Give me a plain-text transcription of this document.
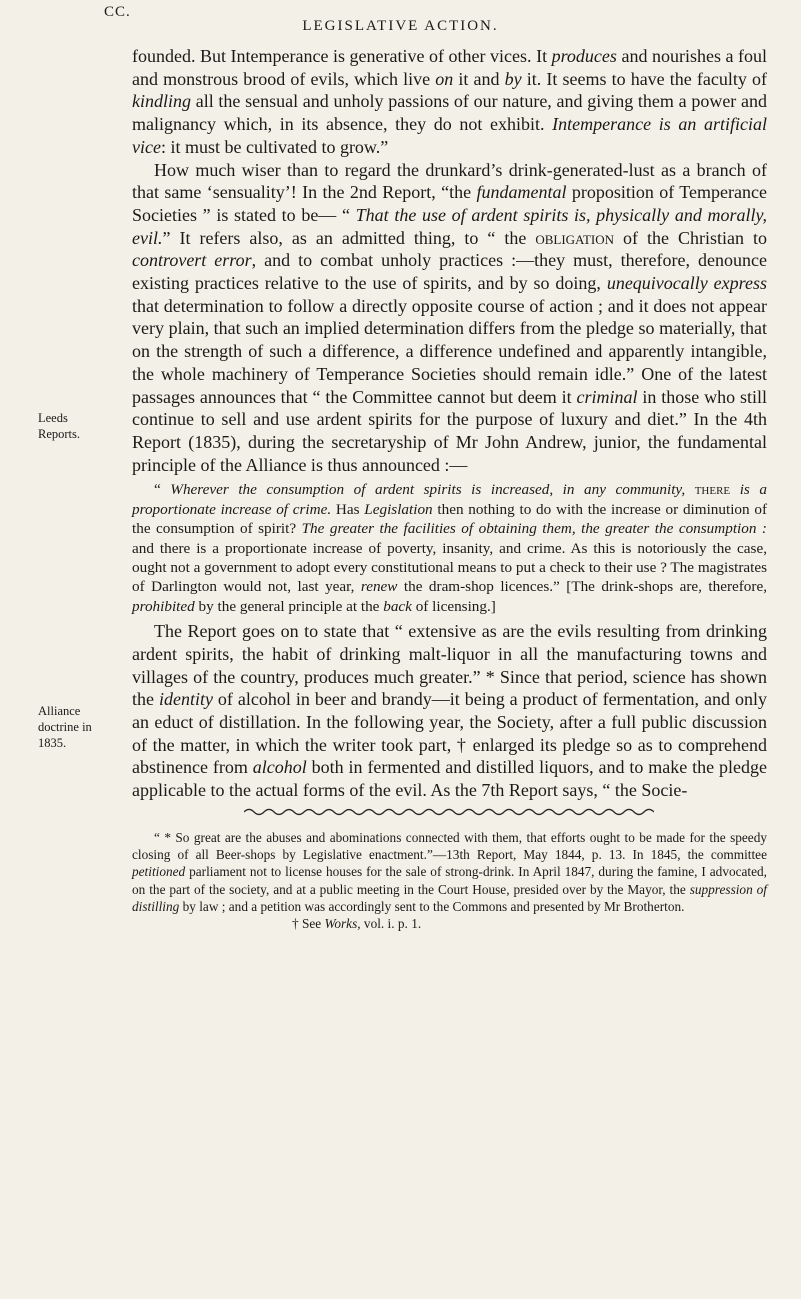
CC.
LEGISLATIVE ACTION.
Leeds Reports.
Alliance doctrine in 1835.

founded. But Intemperance is generative of other vices. It produces and nourishes a foul and monstrous brood of evils, which live on it and by it. It seems to have the faculty of kindling all the sensual and unholy passions of our nature, and giving them a power and malignancy which, in its absence, they do not exhibit. Intemperance is an artificial vice: it must be cultivated to grow.”

How much wiser than to regard the drunkard’s drink-generated-lust as a branch of that same ‘sensuality’! In the 2nd Report, “the fundamental proposition of Temperance Societies ” is stated to be— “ That the use of ardent spirits is, physically and morally, evil.” It refers also, as an admitted thing, to “ the obligation of the Christian to controvert error, and to combat unholy practices :—they must, therefore, denounce existing practices relative to the use of spirits, and by so doing, unequivocally express that determination to follow a directly opposite course of action ; and it does not appear very plain, that such an implied determination differs from the pledge so materially, that on the strength of such a difference, a difference undefined and apparently intangible, the whole machinery of Temperance Societies should remain idle.” One of the latest passages announces that “ the Committee cannot but deem it criminal in those who still continue to sell and use ardent spirits for the purpose of luxury and diet.” In the 4th Report (1835), during the secretaryship of Mr John Andrew, junior, the fundamental principle of the Alliance is thus announced :—

“ Wherever the consumption of ardent spirits is increased, in any community, there is a proportionate increase of crime. Has Legislation then nothing to do with the increase or diminution of the consumption of spirit? The greater the facilities of obtaining them, the greater the consumption : and there is a proportionate increase of poverty, insanity, and crime. As this is notoriously the case, ought not a government to adopt every constitutional means to put a check to their use ? The magistrates of Darlington would not, last year, renew the dram-shop licences.” [The drink-shops are, therefore, prohibited by the general principle at the back of licensing.]

The Report goes on to state that “ extensive as are the evils resulting from drinking ardent spirits, the habit of drinking malt-liquor in all the manufacturing towns and villages of the country, produces much greater.” * Since that period, science has shown the identity of alcohol in beer and brandy—it being a product of fermentation, and only an educt of distillation. In the following year, the Society, after a full public discussion of the matter, in which the writer took part, † enlarged its pledge so as to comprehend abstinence from alcohol both in fermented and distilled liquors, and to make the pledge applicable to the actual forms of the evil. As the 7th Report says, “ the Socie-

“ * So great are the abuses and abominations connected with them, that efforts ought to be made for the speedy closing of all Beer-shops by Legislative enactment.”—13th Report, May 1844, p. 13. In 1845, the committee petitioned parliament not to license houses for the sale of strong-drink. In April 1847, during the famine, I advocated, on the part of the society, and at a public meeting in the Court House, presided over by the Mayor, the suppression of distilling by law ; and a petition was accordingly sent to the Commons and presented by Mr Brotherton.

† See Works, vol. i. p. 1.
